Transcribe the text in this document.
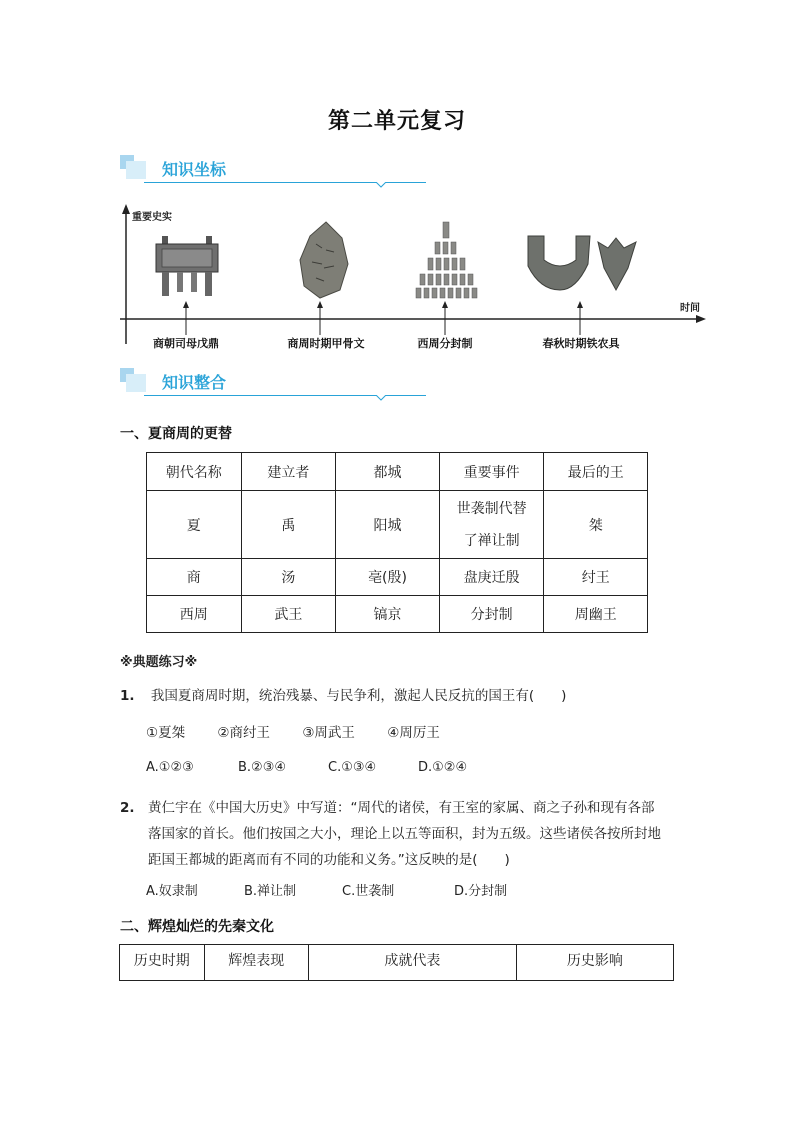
第二单元复习
知识坐标
重要史实
时间
商朝司母戊鼎	商周时期甲骨文	西周分封制	春秋时期铁农具
知识整合
一、夏商周的更替
朝代名称	建立者	都城	重要事件	最后的王
夏	禹	阳城	世袭制代替
了禅让制	桀
商	汤	亳(殷)	盘庚迁殷	纣王
西周	武王	镐京	分封制	周幽王
※典题练习※
1. 我国夏商周时期，统治残暴、与民争利，激起人民反抗的国王有(　　)
①夏桀 ②商纣王 ③周武王 ④周厉王
A.①②③	B.②③④	C.①③④	D.①②④
2. 黄仁宇在《中国大历史》中写道：“周代的诸侯，有王室的家属、商之子孙和现有各部
落国家的首长。他们按国之大小，理论上以五等面积，封为五级。这些诸侯各按所封地
距国王都城的距离而有不同的功能和义务。”这反映的是(　　)
A.奴隶制	B.禅让制	C.世袭制	D.分封制
二、辉煌灿烂的先秦文化
历史时期	辉煌表现	成就代表	历史影响
